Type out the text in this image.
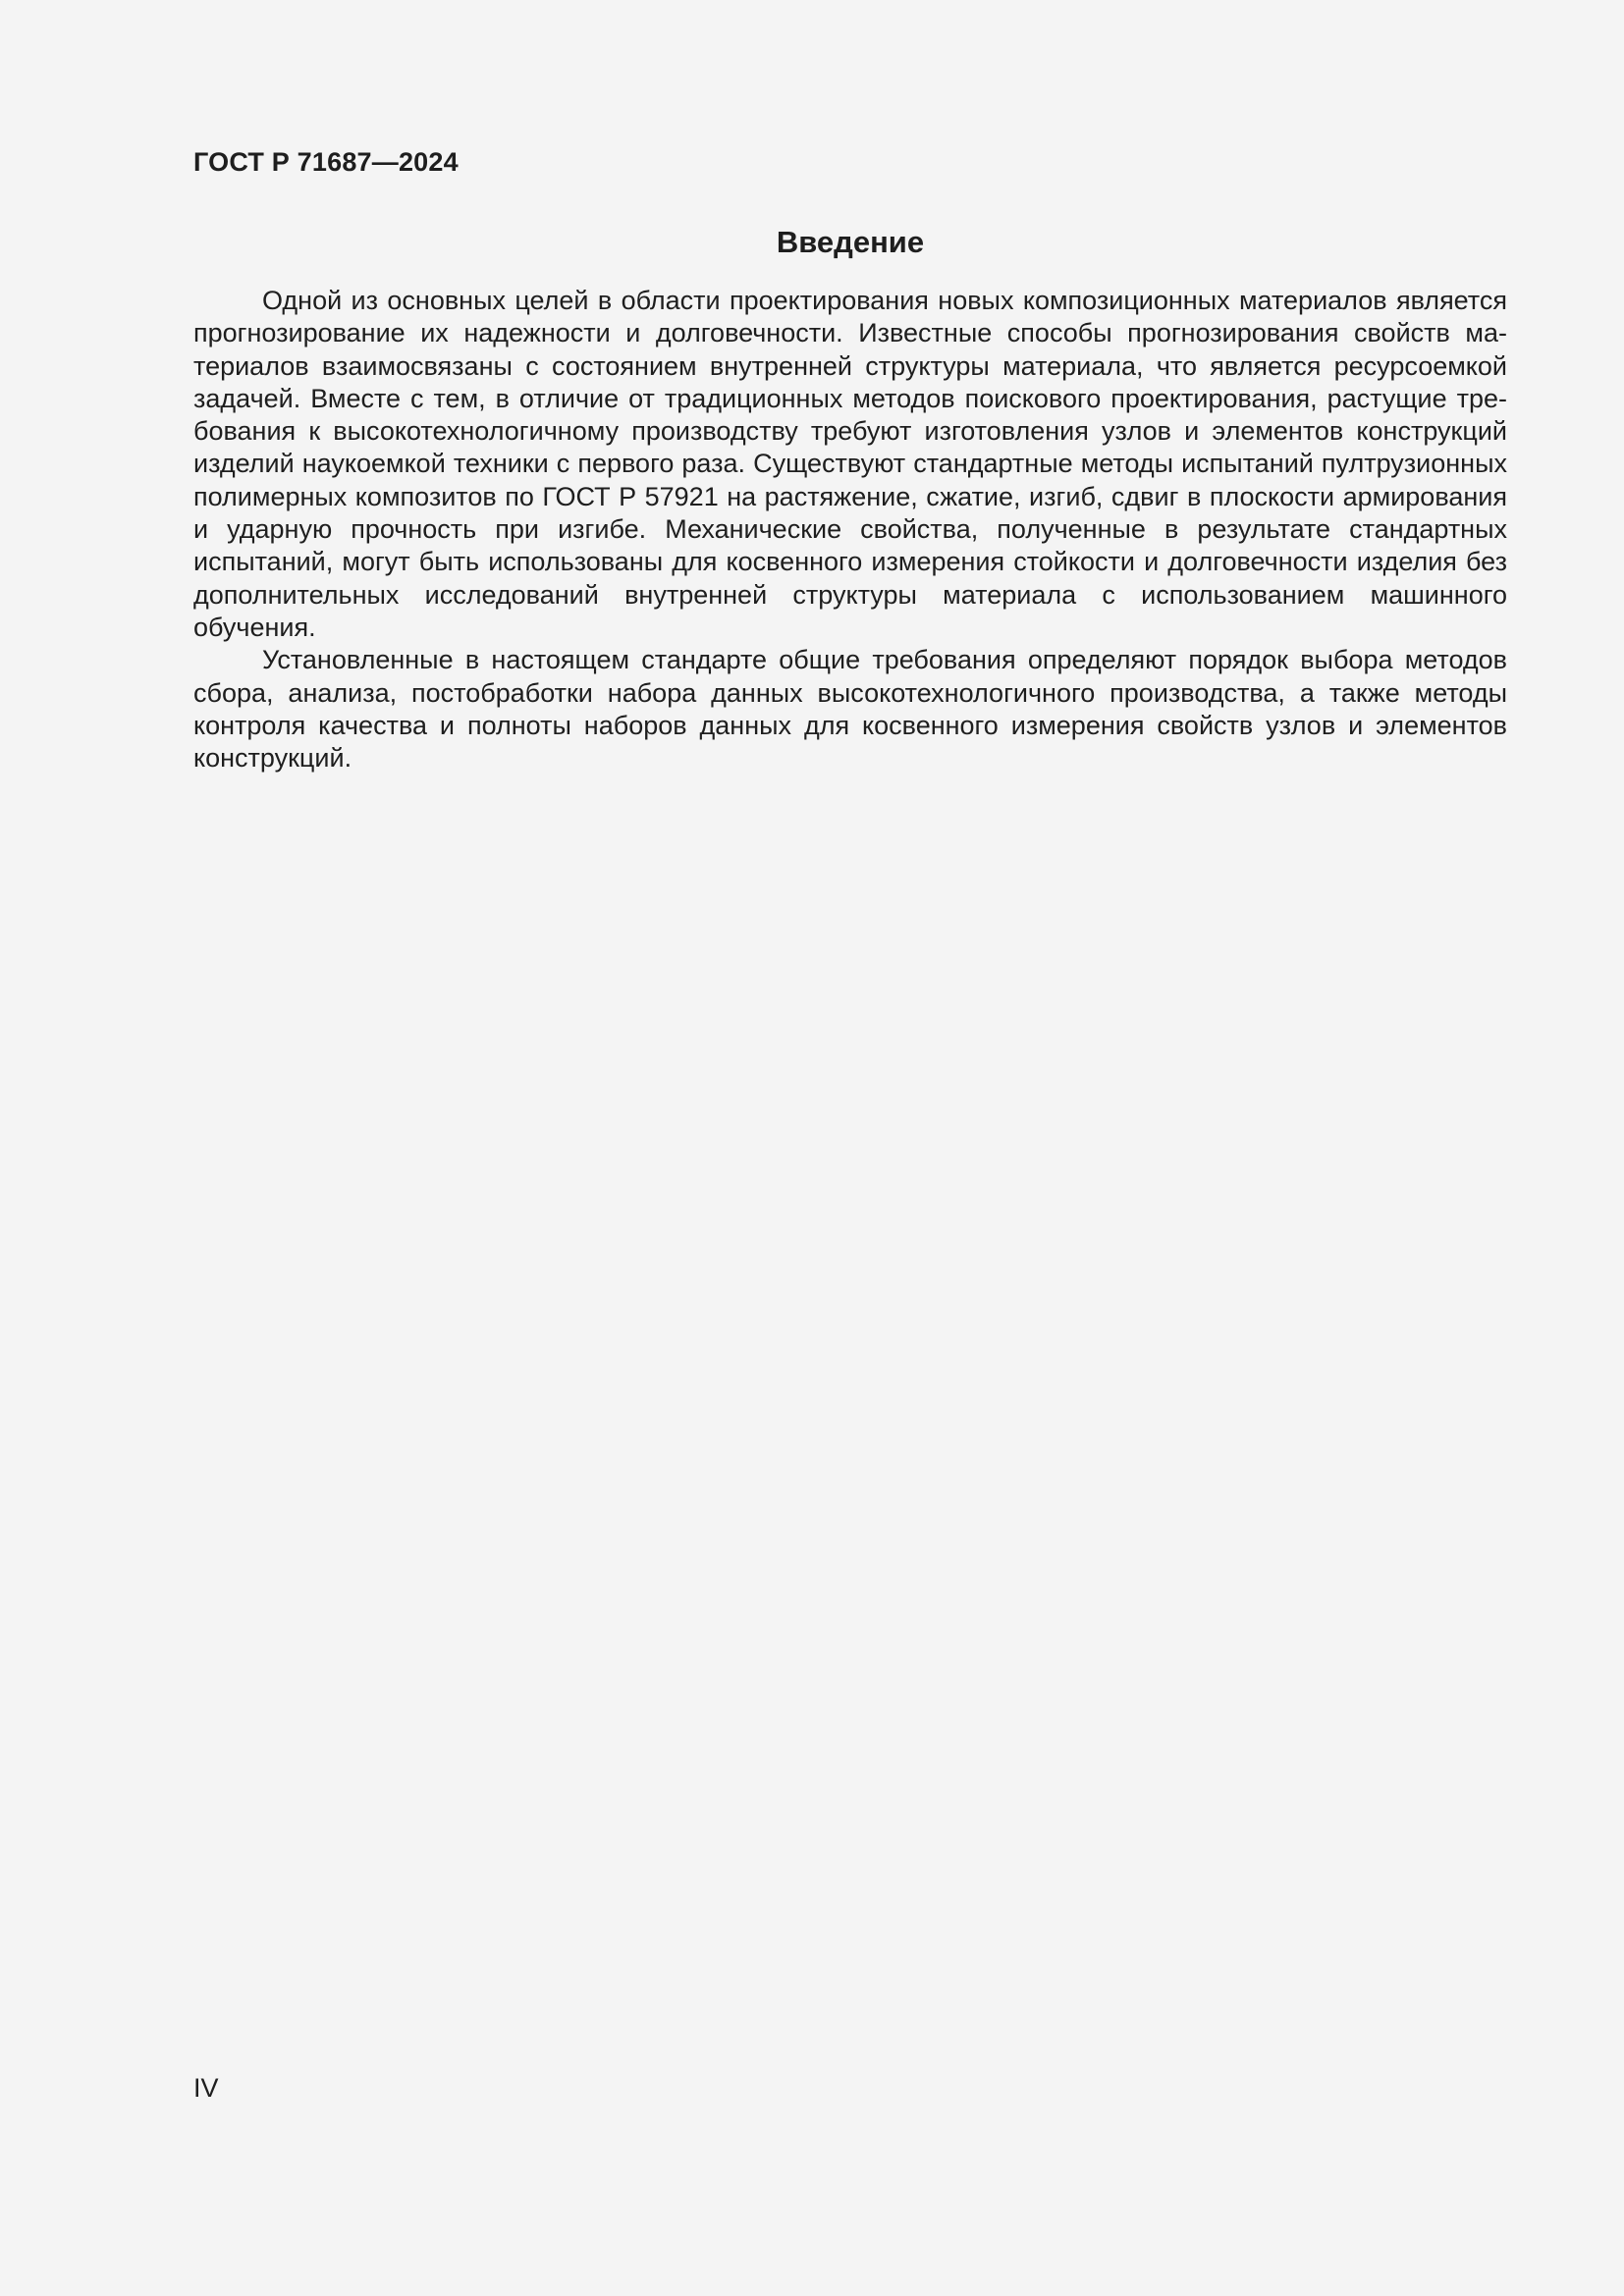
ГОСТ Р 71687—2024
Введение

Одной из основных целей в области проектирования новых композиционных материалов является прогнозирование их надежности и долговечности. Известные способы прогнозирования свойств материалов взаимосвязаны с состоянием внутренней структуры материала, что является ресурсоемкой задачей. Вместе с тем, в отличие от традиционных методов поискового проектирования, растущие требования к высокотехнологичному производству требуют изготовления узлов и элементов конструкций изделий наукоемкой техники с первого раза. Существуют стандартные методы испытаний пултрузионных полимерных композитов по ГОСТ Р 57921 на растяжение, сжатие, изгиб, сдвиг в плоскости армирования и ударную прочность при изгибе. Механические свойства, полученные в результате стандартных испытаний, могут быть использованы для косвенного измерения стойкости и долговечности изделия без дополнительных исследований внутренней структуры материала с использованием машинного обучения.

Установленные в настоящем стандарте общие требования определяют порядок выбора методов сбора, анализа, постобработки набора данных высокотехнологичного производства, а также методы контроля качества и полноты наборов данных для косвенного измерения свойств узлов и элементов конструкций.

IV
